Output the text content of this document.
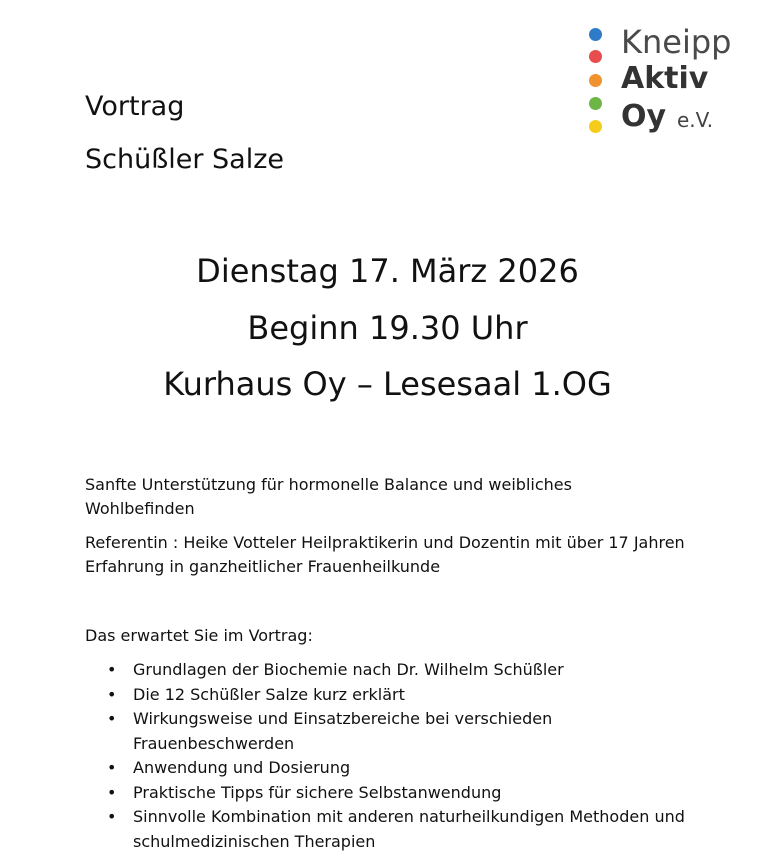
Kneipp
Aktiv
Oy e.V.
Vortrag
Schüßler Salze
Dienstag 17. März 2026
Beginn 19.30 Uhr
Kurhaus Oy – Lesesaal 1.OG
Sanfte Unterstützung für hormonelle Balance und weibliches Wohlbefinden
Referentin : Heike Votteler Heilpraktikerin und Dozentin mit über 17 Jahren Erfahrung in ganzheitlicher Frauenheilkunde
Das erwartet Sie im Vortrag:
• Grundlagen der Biochemie nach Dr. Wilhelm Schüßler
• Die 12 Schüßler Salze kurz erklärt
• Wirkungsweise und Einsatzbereiche bei verschieden Frauenbeschwerden
• Anwendung und Dosierung
• Praktische Tipps für sichere Selbstanwendung
• Sinnvolle Kombination mit anderen naturheilkundigen Methoden und schulmedizinischen Therapien
